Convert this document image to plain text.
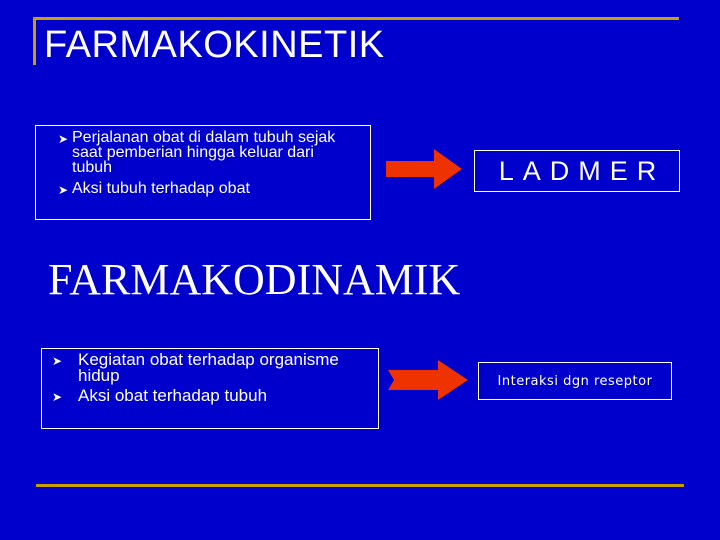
FARMAKOKINETIK
➤ Perjalanan obat di dalam tubuh sejak saat pemberian hingga keluar dari tubuh
➤ Aksi tubuh terhadap obat
LADMER
FARMAKODINAMIK
➤ Kegiatan obat terhadap organisme hidup
➤ Aksi obat terhadap tubuh
Interaksi dgn reseptor
